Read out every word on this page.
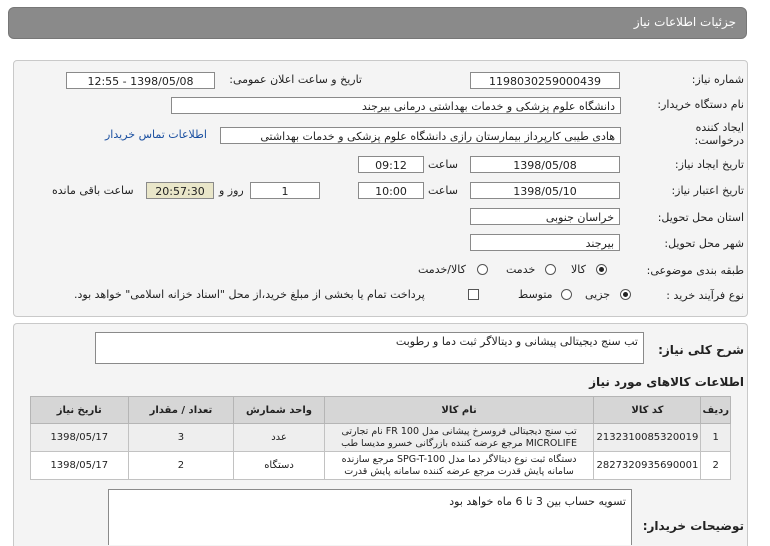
جزئیات اطلاعات نیاز
شماره نیاز:
1198030259000439
تاریخ و ساعت اعلان عمومی:
1398/05/08 - 12:55
نام دستگاه خریدار:
دانشگاه علوم پزشکی و خدمات بهداشتی درمانی بیرجند
ایجاد کننده
درخواست:
هادی طیبی کارپرداز بیمارستان رازی دانشگاه علوم پزشکی و خدمات بهداشتی
اطلاعات تماس خریدار
تاریخ ایجاد نیاز:
1398/05/08
ساعت
09:12
تاریخ اعتبار نیاز:
1398/05/10
ساعت
10:00
1
روز و
20:57:30
ساعت باقی مانده
استان محل تحویل:
خراسان جنوبی
شهر محل تحویل:
بیرجند
طبقه بندی موضوعی:
کالا
خدمت
کالا/خدمت
نوع فرآیند خرید :
جزیی
متوسط
پرداخت تمام یا بخشی از مبلغ خرید،از محل "اسناد خزانه اسلامی" خواهد بود.
شرح کلی نیاز:
تب سنج دیجیتالی پیشانی و دیتالاگر ثبت دما و رطوبت
اطلاعات کالاهای مورد نیاز
ردیف	کد کالا	نام کالا	واحد شمارش	تعداد / مقدار	تاریخ نیاز
1	2132310085320019	تب سنج دیجیتالی فروسرخ پیشانی مدل FR 100 نام تجارتی
MICROLIFE مرجع عرضه کننده بازرگانی خسرو مدیسا طب	عدد	3	1398/05/17
2	2827320935690001	دستگاه ثبت نوع دیتالاگر دما مدل SPG-T-100 مرجع سازنده
سامانه پایش قدرت مرجع عرضه کننده سامانه پایش قدرت	دستگاه	2	1398/05/17
توضیحات خریدار:
تسویه حساب بین 3 تا 6 ماه خواهد بود
